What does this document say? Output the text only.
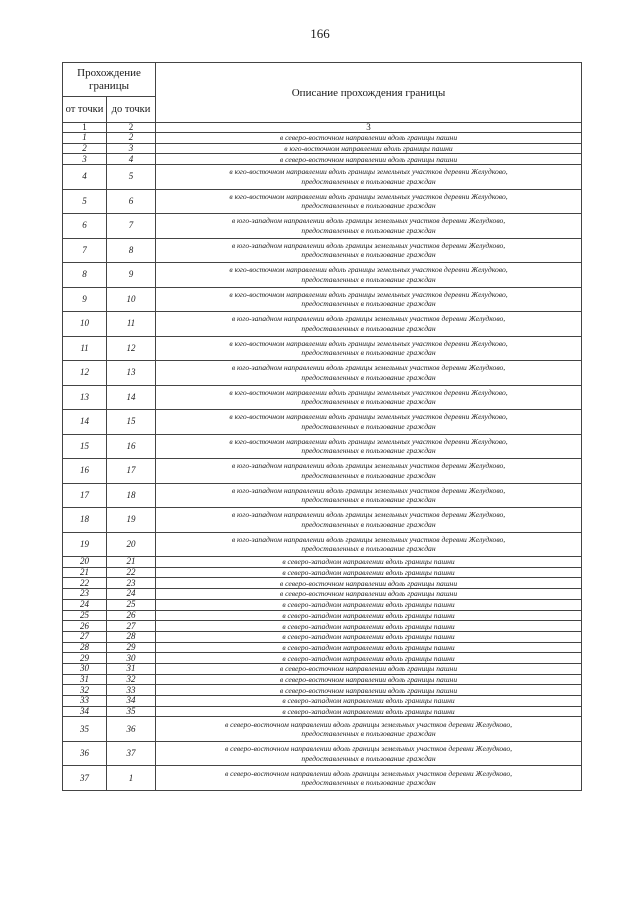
166
Прохождение границы		Описание прохождения границы
от точки	до точки	
1	2	3
1	2	в северо-восточном направлении вдоль границы пашни
2	3	в юго-восточном направлении вдоль границы пашни
3	4	в северо-восточном направлении вдоль границы пашни
4	5	в юго-восточном направлении вдоль границы земельных участков деревни Желудково,
предоставленных в пользование граждан
5	6	в юго-восточном направлении вдоль границы земельных участков деревни Желудково,
предоставленных в пользование граждан
6	7	в юго-западном направлении вдоль границы земельных участков деревни Желудково,
предоставленных в пользование граждан
7	8	в юго-западном направлении вдоль границы земельных участков деревни Желудково,
предоставленных в пользование граждан
8	9	в юго-восточном направлении вдоль границы земельных участков деревни Желудково,
предоставленных в пользование граждан
9	10	в юго-восточном направлении вдоль границы земельных участков деревни Желудково,
предоставленных в пользование граждан
10	11	в юго-западном направлении вдоль границы земельных участков деревни Желудково,
предоставленных в пользование граждан
11	12	в юго-восточном направлении вдоль границы земельных участков деревни Желудково,
предоставленных в пользование граждан
12	13	в юго-западном направлении вдоль границы земельных участков деревни Желудково,
предоставленных в пользование граждан
13	14	в юго-восточном направлении вдоль границы земельных участков деревни Желудково,
предоставленных в пользование граждан
14	15	в юго-восточном направлении вдоль границы земельных участков деревни Желудково,
предоставленных в пользование граждан
15	16	в юго-восточном направлении вдоль границы земельных участков деревни Желудково,
предоставленных в пользование граждан
16	17	в юго-западном направлении вдоль границы земельных участков деревни Желудково,
предоставленных в пользование граждан
17	18	в юго-западном направлении вдоль границы земельных участков деревни Желудково,
предоставленных в пользование граждан
18	19	в юго-западном направлении вдоль границы земельных участков деревни Желудково,
предоставленных в пользование граждан
19	20	в юго-западном направлении вдоль границы земельных участков деревни Желудково,
предоставленных в пользование граждан
20	21	в северо-западном направлении вдоль границы пашни
21	22	в северо-западном направлении вдоль границы пашни
22	23	в северо-восточном направлении вдоль границы пашни
23	24	в северо-восточном направлении вдоль границы пашни
24	25	в северо-западном направлении вдоль границы пашни
25	26	в северо-западном направлении вдоль границы пашни
26	27	в северо-западном направлении вдоль границы пашни
27	28	в северо-западном направлении вдоль границы пашни
28	29	в северо-западном направлении вдоль границы пашни
29	30	в северо-западном направлении вдоль границы пашни
30	31	в северо-восточном направлении вдоль границы пашни
31	32	в северо-восточном направлении вдоль границы пашни
32	33	в северо-восточном направлении вдоль границы пашни
33	34	в северо-западном направлении вдоль границы пашни
34	35	в северо-западном направлении вдоль границы пашни
35	36	в северо-восточном направлении вдоль границы земельных участков деревни Желудково,
предоставленных в пользование граждан
36	37	в северо-восточном направлении вдоль границы земельных участков деревни Желудково,
предоставленных в пользование граждан
37	1	в северо-восточном направлении вдоль границы земельных участков деревни Желудково,
предоставленных в пользование граждан
